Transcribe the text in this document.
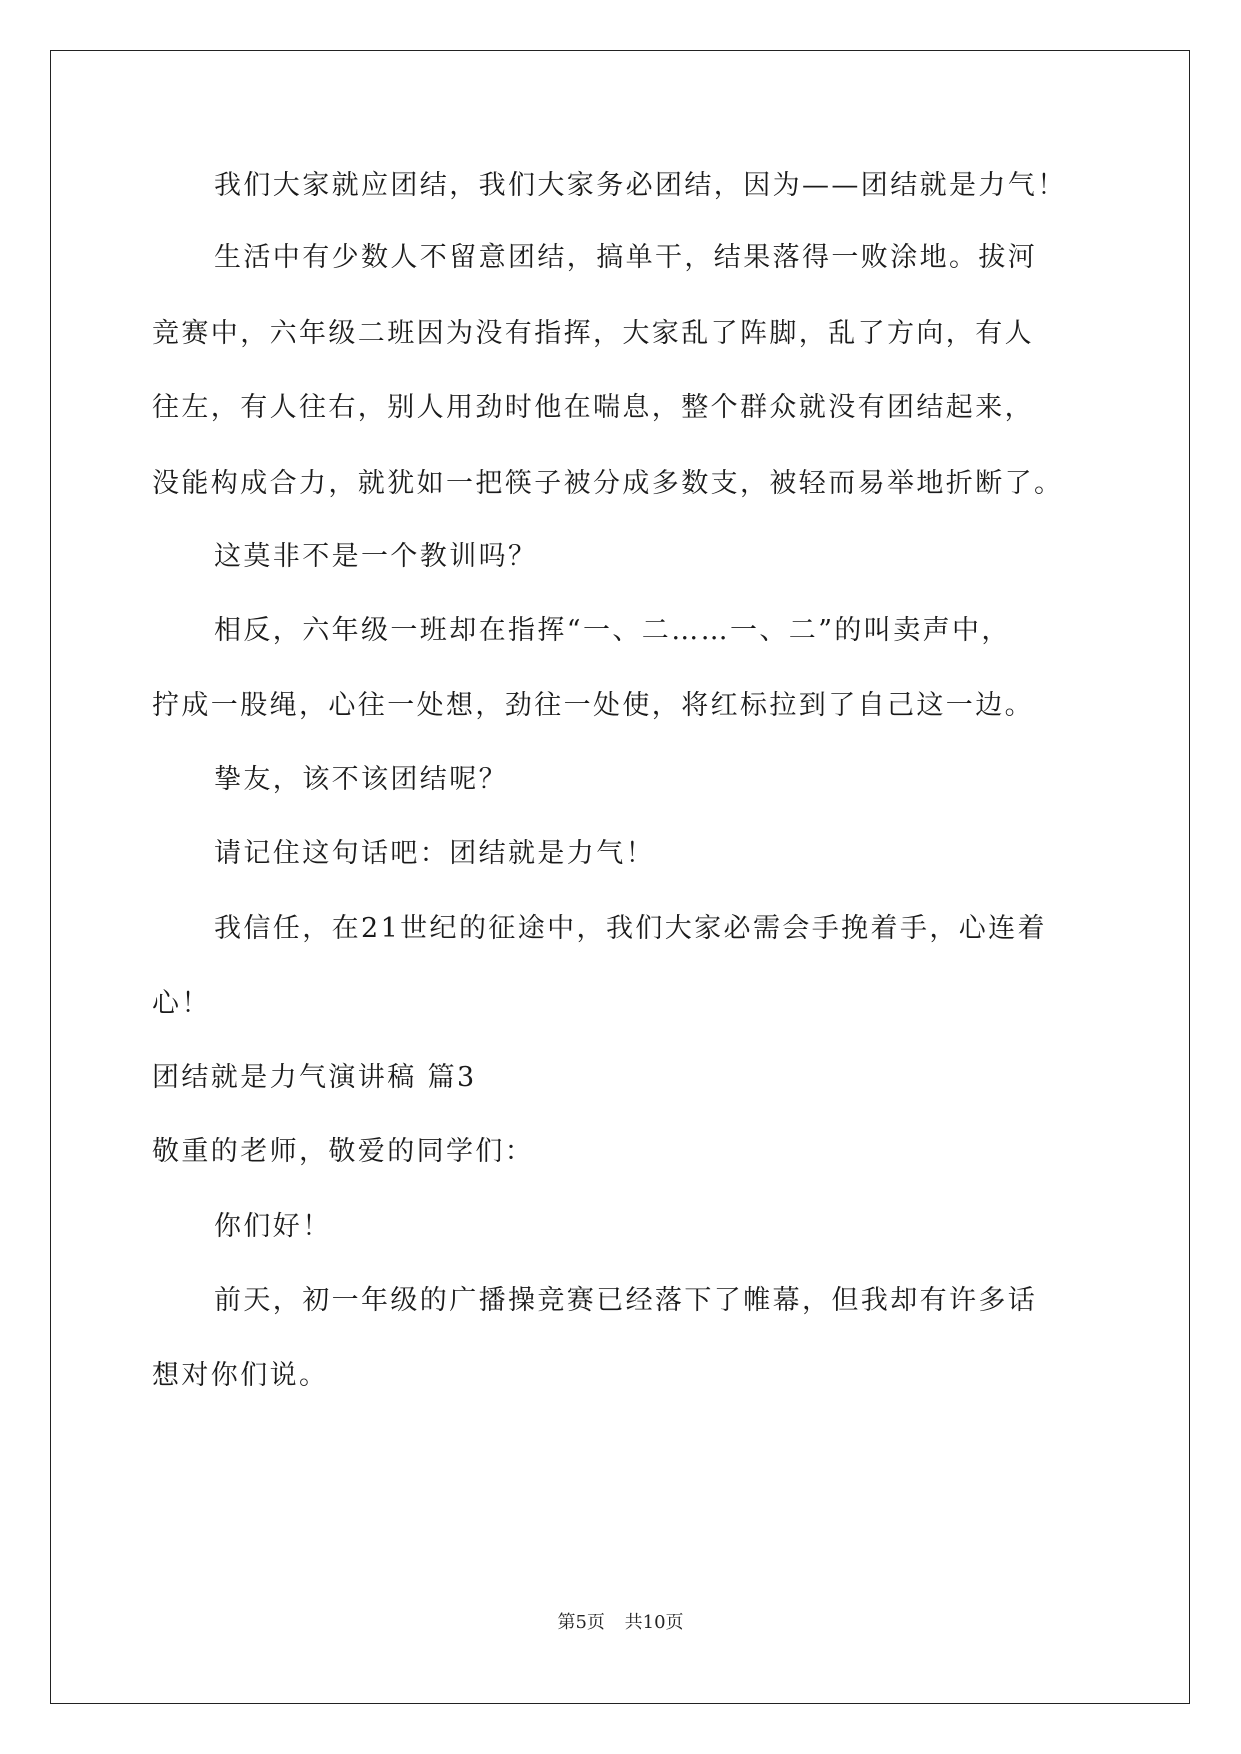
我们大家就应团结，我们大家务必团结，因为——团结就是力气！
生活中有少数人不留意团结，搞单干，结果落得一败涂地。拔河
竞赛中，六年级二班因为没有指挥，大家乱了阵脚，乱了方向，有人
往左，有人往右，别人用劲时他在喘息，整个群众就没有团结起来，
没能构成合力，就犹如一把筷子被分成多数支，被轻而易举地折断了。
这莫非不是一个教训吗？
相反，六年级一班却在指挥“一、二……一、二”的叫卖声中，
拧成一股绳，心往一处想，劲往一处使，将红标拉到了自己这一边。
挚友，该不该团结呢？
请记住这句话吧：团结就是力气！
我信任，在21世纪的征途中，我们大家必需会手挽着手，心连着
心！
团结就是力气演讲稿 篇3
敬重的老师，敬爱的同学们：
你们好！
前天，初一年级的广播操竞赛已经落下了帷幕，但我却有许多话
想对你们说。
第5页 共10页
